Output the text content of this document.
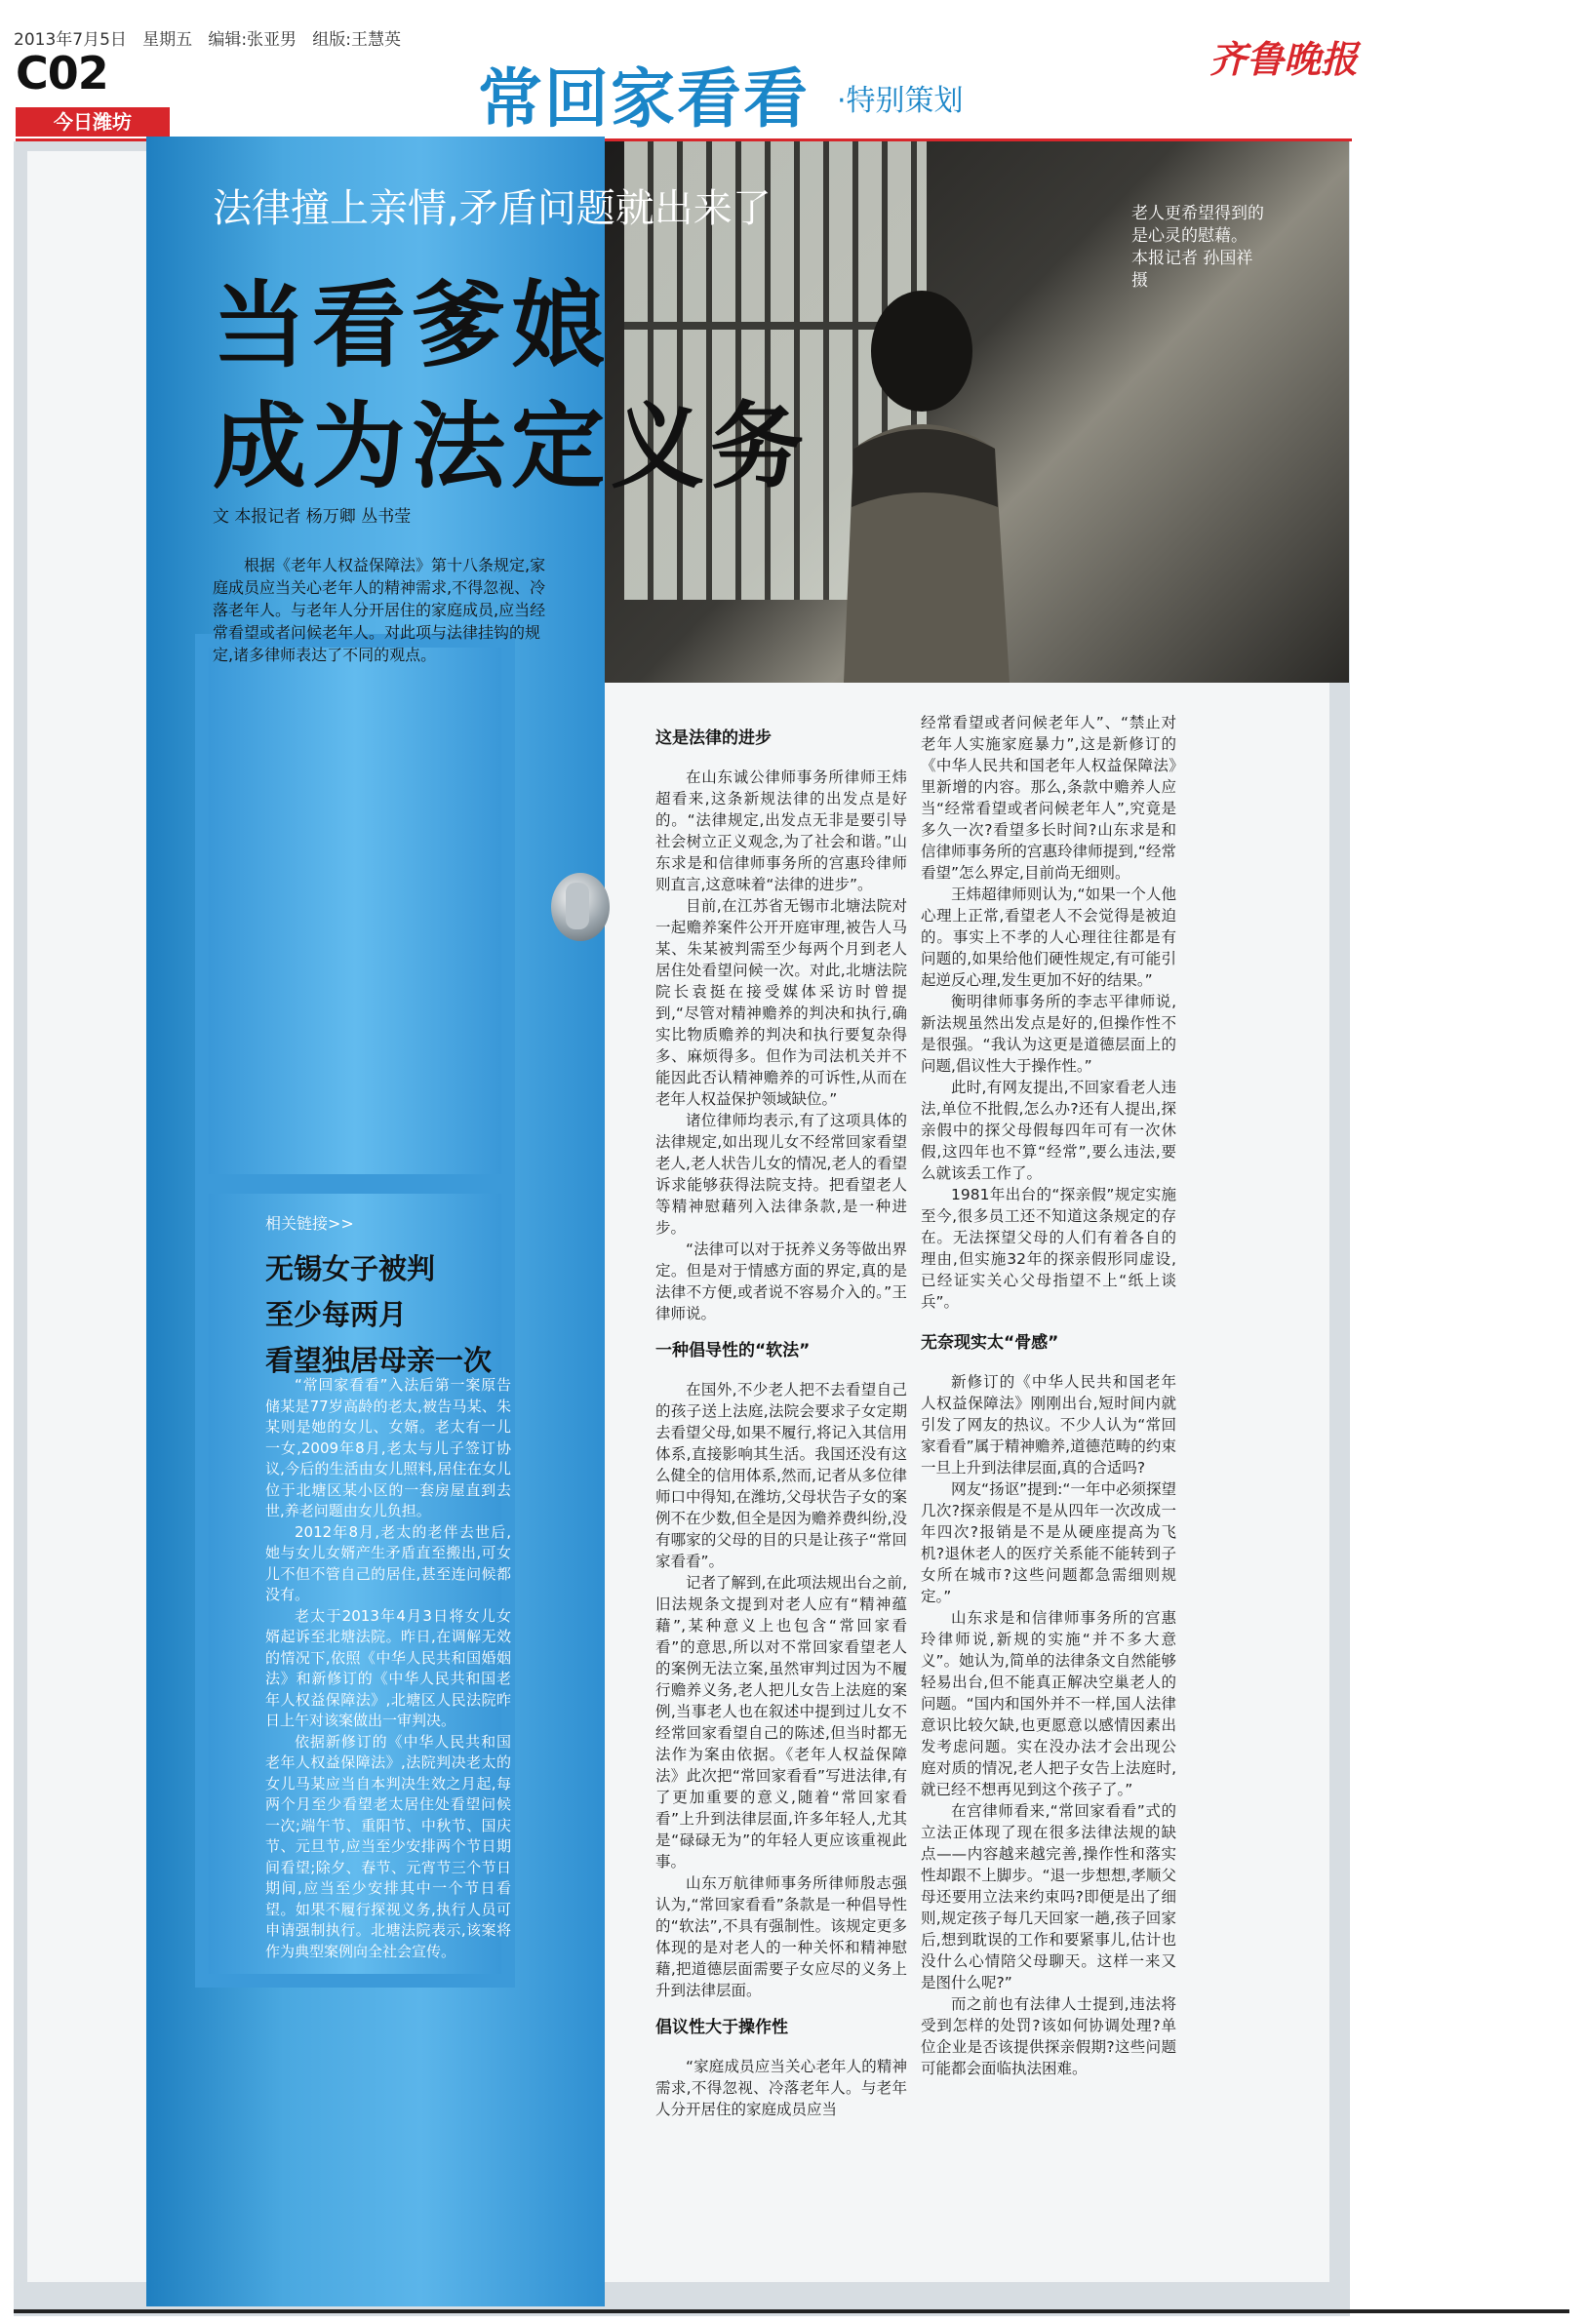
2013年7月5日   星期五   编辑:张亚男   组版:王慧英
C02
今日潍坊	常回家看看 ·特别策划
齐鲁晚报
老人更希望得到的是心灵的慰藉。 本报记者 孙国祥 摄
法律撞上亲情,矛盾问题就出来了
当看爹娘
成为法定义务
文 本报记者 杨万卿 丛书莹
根据《老年人权益保障法》第十八条规定,家庭成员应当关心老年人的精神需求,不得忽视、冷落老年人。与老年人分开居住的家庭成员,应当经常看望或者问候老年人。对此项与法律挂钩的规定,诸多律师表达了不同的观点。
这是法律的进步

在山东诚公律师事务所律师王炜超看来,这条新规法律的出发点是好的。“法律规定,出发点无非是要引导社会树立正义观念,为了社会和谐。”山东求是和信律师事务所的宫惠玲律师则直言,这意味着“法律的进步”。

目前,在江苏省无锡市北塘法院对一起赡养案件公开开庭审理,被告人马某、朱某被判需至少每两个月到老人居住处看望问候一次。对此,北塘法院院长袁挺在接受媒体采访时曾提到,“尽管对精神赡养的判决和执行,确实比物质赡养的判决和执行要复杂得多、麻烦得多。但作为司法机关并不能因此否认精神赡养的可诉性,从而在老年人权益保护领域缺位。”

诸位律师均表示,有了这项具体的法律规定,如出现儿女不经常回家看望老人,老人状告儿女的情况,老人的看望诉求能够获得法院支持。把看望老人等精神慰藉列入法律条款,是一种进步。

“法律可以对于抚养义务等做出界定。但是对于情感方面的界定,真的是法律不方便,或者说不容易介入的。”王律师说。

一种倡导性的“软法”

在国外,不少老人把不去看望自己的孩子送上法庭,法院会要求子女定期去看望父母,如果不履行,将记入其信用体系,直接影响其生活。我国还没有这么健全的信用体系,然而,记者从多位律师口中得知,在潍坊,父母状告子女的案例不在少数,但全是因为赡养费纠纷,没有哪家的父母的目的只是让孩子“常回家看看”。

记者了解到,在此项法规出台之前,旧法规条文提到对老人应有“精神蕴藉”,某种意义上也包含“常回家看看”的意思,所以对不常回家看望老人的案例无法立案,虽然审判过因为不履行赡养义务,老人把儿女告上法庭的案例,当事老人也在叙述中提到过儿女不经常回家看望自己的陈述,但当时都无法作为案由依据。《老年人权益保障法》此次把“常回家看看”写进法律,有了更加重要的意义,随着“常回家看看”上升到法律层面,许多年轻人,尤其是“碌碌无为”的年轻人更应该重视此事。

山东万航律师事务所律师殷志强认为,“常回家看看”条款是一种倡导性的“软法”,不具有强制性。该规定更多体现的是对老人的一种关怀和精神慰藉,把道德层面需要子女应尽的义务上升到法律层面。

倡议性大于操作性

“家庭成员应当关心老年人的精神需求,不得忽视、冷落老年人。与老年人分开居住的家庭成员应当

经常看望或者问候老年人”、“禁止对老年人实施家庭暴力”,这是新修订的《中华人民共和国老年人权益保障法》里新增的内容。那么,条款中赡养人应当“经常看望或者问候老年人”,究竟是多久一次?看望多长时间?山东求是和信律师事务所的宫惠玲律师提到,“经常看望”怎么界定,目前尚无细则。

王炜超律师则认为,“如果一个人他心理上正常,看望老人不会觉得是被迫的。事实上不孝的人心理往往都是有问题的,如果给他们硬性规定,有可能引起逆反心理,发生更加不好的结果。”

衡明律师事务所的李志平律师说,新法规虽然出发点是好的,但操作性不是很强。“我认为这更是道德层面上的问题,倡议性大于操作性。”

此时,有网友提出,不回家看老人违法,单位不批假,怎么办?还有人提出,探亲假中的探父母假每四年可有一次休假,这四年也不算“经常”,要么违法,要么就该丢工作了。

1981年出台的“探亲假”规定实施至今,很多员工还不知道这条规定的存在。无法探望父母的人们有着各自的理由,但实施32年的探亲假形同虚设,已经证实关心父母指望不上“纸上谈兵”。

无奈现实太“骨感”

新修订的《中华人民共和国老年人权益保障法》刚刚出台,短时间内就引发了网友的热议。不少人认为“常回家看看”属于精神赡养,道德范畴的约束一旦上升到法律层面,真的合适吗?

网友“扬讴”提到:“一年中必须探望几次?探亲假是不是从四年一次改成一年四次?报销是不是从硬座提高为飞机?退休老人的医疗关系能不能转到子女所在城市?这些问题都急需细则规定。”

山东求是和信律师事务所的宫惠玲律师说,新规的实施“并不多大意义”。她认为,简单的法律条文自然能够轻易出台,但不能真正解决空巢老人的问题。“国内和国外并不一样,国人法律意识比较欠缺,也更愿意以感情因素出发考虑问题。实在没办法才会出现公庭对质的情况,老人把子女告上法庭时,就已经不想再见到这个孩子了。”

在宫律师看来,“常回家看看”式的立法正体现了现在很多法律法规的缺点——内容越来越完善,操作性和落实性却跟不上脚步。“退一步想想,孝顺父母还要用立法来约束吗?即便是出了细则,规定孩子每几天回家一趟,孩子回家后,想到耽误的工作和要紧事儿,估计也没什么心情陪父母聊天。这样一来又是图什么呢?”

而之前也有法律人士提到,违法将受到怎样的处罚?该如何协调处理?单位企业是否该提供探亲假期?这些问题可能都会面临执法困难。

相关链接>>
无锡女子被判
至少每两月
看望独居母亲一次

“常回家看看”入法后第一案原告储某是77岁高龄的老太,被告马某、朱某则是她的女儿、女婿。老太有一儿一女,2009年8月,老太与儿子签订协议,今后的生活由女儿照料,居住在女儿位于北塘区某小区的一套房屋直到去世,养老问题由女儿负担。

2012年8月,老太的老伴去世后,她与女儿女婿产生矛盾直至搬出,可女儿不但不管自己的居住,甚至连问候都没有。

老太于2013年4月3日将女儿女婿起诉至北塘法院。昨日,在调解无效的情况下,依照《中华人民共和国婚姻法》和新修订的《中华人民共和国老年人权益保障法》,北塘区人民法院昨日上午对该案做出一审判决。

依据新修订的《中华人民共和国老年人权益保障法》,法院判决老太的女儿马某应当自本判决生效之月起,每两个月至少看望老太居住处看望问候一次;端午节、重阳节、中秋节、国庆节、元旦节,应当至少安排两个节日期间看望;除夕、春节、元宵节三个节日期间,应当至少安排其中一个节日看望。如果不履行探视义务,执行人员可申请强制执行。北塘法院表示,该案将作为典型案例向全社会宣传。
